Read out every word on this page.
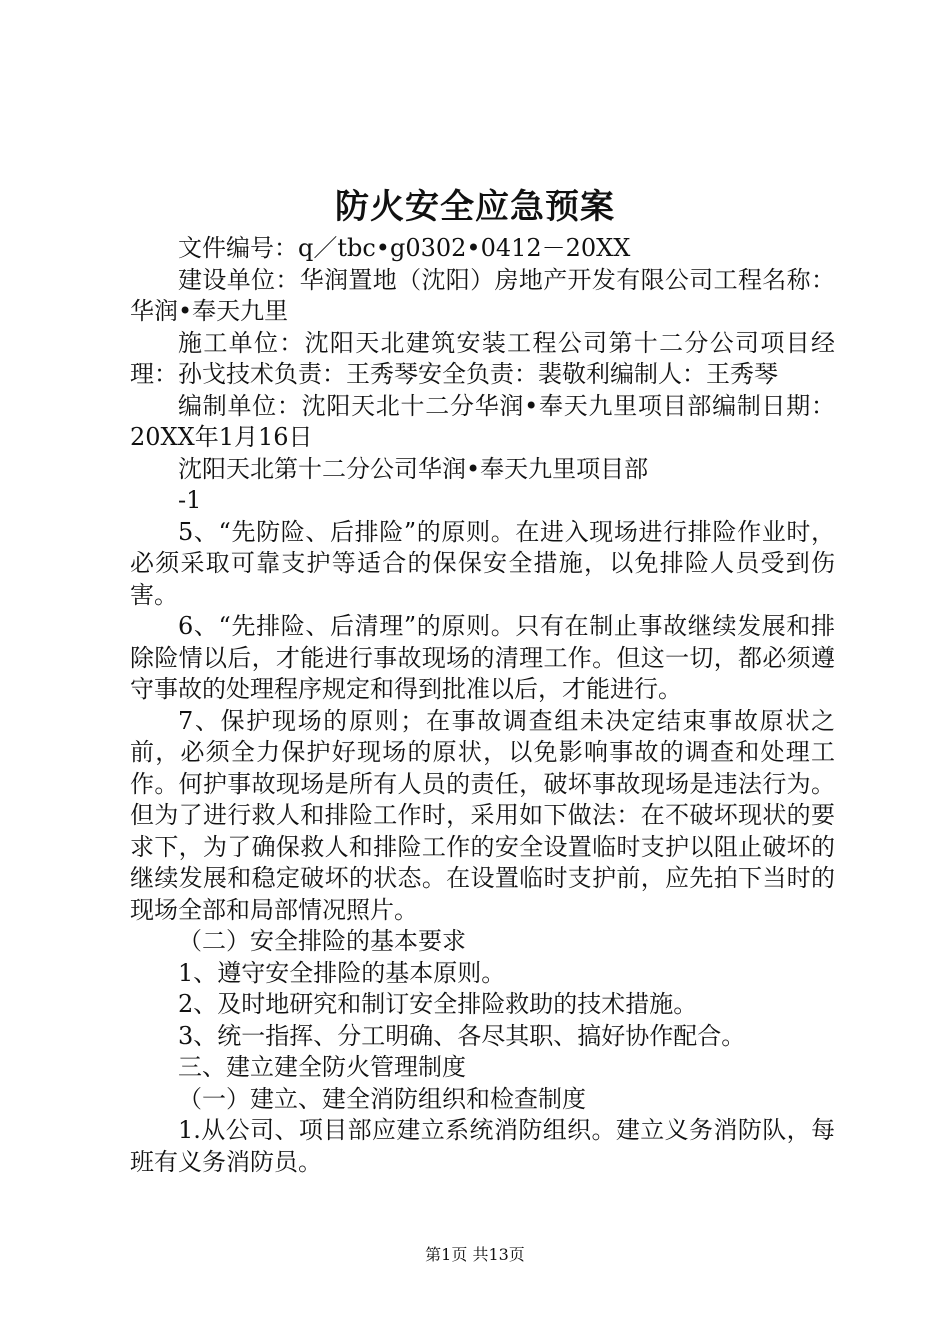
防火安全应急预案

文件编号：q／tbc•g0302•0412－20XX

建设单位：华润置地（沈阳）房地产开发有限公司工程名称：华润•奉天九里

施工单位：沈阳天北建筑安装工程公司第十二分公司项目经理：孙戈技术负责：王秀琴安全负责：裴敬利编制人：王秀琴

编制单位：沈阳天北十二分华润•奉天九里项目部编制日期：20XX年1月16日

沈阳天北第十二分公司华润•奉天九里项目部

-1

5、“先防险、后排险”的原则。在进入现场进行排险作业时，必须采取可靠支护等适合的保保安全措施，以免排险人员受到伤害。

6、“先排险、后清理”的原则。只有在制止事故继续发展和排除险情以后，才能进行事故现场的清理工作。但这一切，都必须遵守事故的处理程序规定和得到批准以后，才能进行。

7、保护现场的原则；在事故调查组未决定结束事故原状之前，必须全力保护好现场的原状，以免影响事故的调查和处理工作。何护事故现场是所有人员的责任，破坏事故现场是违法行为。但为了进行救人和排险工作时，采用如下做法：在不破坏现状的要求下，为了确保救人和排险工作的安全设置临时支护以阻止破坏的继续发展和稳定破坏的状态。在设置临时支护前，应先拍下当时的现场全部和局部情况照片。

（二）安全排险的基本要求

1、遵守安全排险的基本原则。

2、及时地研究和制订安全排险救助的技术措施。

3、统一指挥、分工明确、各尽其职、搞好协作配合。

三、建立建全防火管理制度

（一）建立、建全消防组织和检查制度

1.从公司、项目部应建立系统消防组织。建立义务消防队，每班有义务消防员。

第1页 共13页
